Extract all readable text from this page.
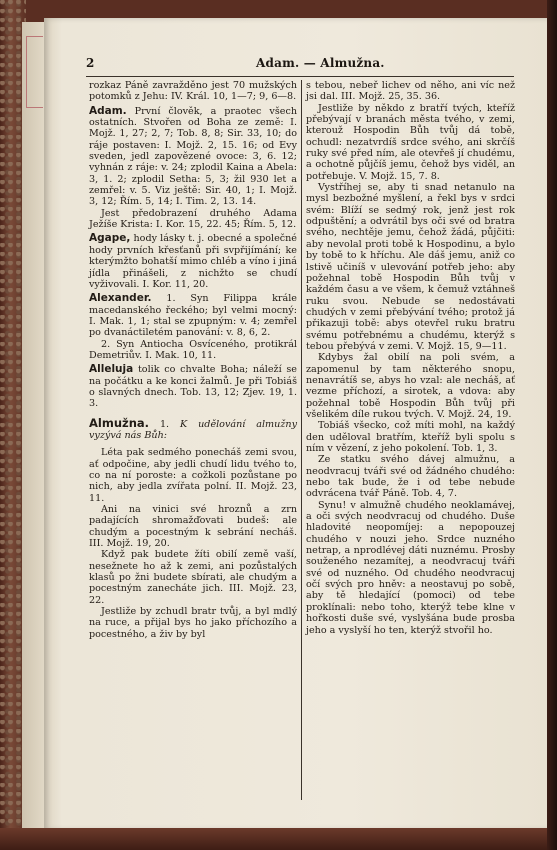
2	Adam. — Almužna.

rozkaz Páně zavražděno jest 70 mužských potomků z Jehu: IV. Král. 10, 1—7; 9, 6—8.

Adam. První člověk, a praotec všech ostatních. Stvořen od Boha ze země: I. Mojž. 1, 27; 2, 7; Tob. 8, 8; Sir. 33, 10; do ráje postaven: I. Mojž. 2, 15. 16; od Evy sveden, jedl zapovězené ovoce: 3, 6. 12; vyhnán z ráje: v. 24; zplodil Kaina a Abela: 3, 1. 2; zplodil Setha: 5, 3; žil 930 let a zemřel: v. 5. Viz ještě: Sir. 40, 1; I. Mojž. 3, 12; Řím. 5, 14; I. Tim. 2, 13. 14.

Jest předobrazení druhého Adama Ježíše Krista: I. Kor. 15, 22. 45; Řím. 5, 12.

Agape, hody lásky t. j. obecné a společné hody prvních křesťanů při svpřijímání; ke kterýmžto bohatší mimo chléb a víno i jiná jídla přinášeli, z nichžto se chudí vyživovali. I. Kor. 11, 20.

Alexander. 1. Syn Filippa krále macedanského řeckého; byl velmi mocný: I. Mak. 1, 1; stal se zpupným: v. 4; zemřel po dvanáctiletém panování: v. 8, 6, 2.

2. Syn Antiocha Osvíceného, protikrál Demetriův. I. Mak. 10, 11.

Alleluja tolik co chvalte Boha; náleží se na počátku a ke konci žalmů. Je při Tobiáš o slavných dnech. Tob. 13, 12; Zjev. 19, 1. 3.

Almužna. 1. K udělování almužny vyzývá nás Bůh:

Léta pak sedmého ponecháš zemi svou, ať odpočine, aby jedli chudí lidu tvého to, co na ní poroste: a cožkoli pozůstane po nich, aby jedla zvířata polní. II. Mojž. 23, 11.

Ani na vinici své hroznů a zrn padajících shromažďovati budeš: ale chudým a pocestným k sebrání necháš. III. Mojž. 19, 20.

Když pak budete žíti obilí země vaší, nesežnete ho až k zemi, ani pozůstalých klasů po žni budete sbírati, ale chudým a pocestným zanecháte jich. III. Mojž. 23, 22.

Jestliže by zchudl bratr tvůj, a byl mdlý na ruce, a přijal bys ho jako příchozího a pocestného, a živ by byl

s tebou, nebeř lichev od něho, ani víc než jsi dal. III. Mojž. 25, 35. 36.

Jestliže by někdo z bratří tvých, kteříž přebývají v branách města tvého, v zemi, kterouž Hospodin Bůh tvůj dá tobě, ochudl: nezatvrdíš srdce svého, ani skrčíš ruky své před ním, ale otevřeš jí chudému, a ochotně půjčíš jemu, čehož bys viděl, an potřebuje. V. Mojž. 15, 7. 8.

Vystříhej se, aby ti snad netanulo na mysl bezbožné myšlení, a řekl bys v srdci svém: Blíží se sedmý rok, jenž jest rok odpuštění; a odvrátil bys oči své od bratra svého, nechtěje jemu, čehož žádá, půjčiti: aby nevolal proti tobě k Hospodinu, a bylo by tobě to k hříchu. Ale dáš jemu, aniž co lstivě učiníš v ulevování potřeb jeho: aby požehnal tobě Hospodin Bůh tvůj v každém času a ve všem, k čemuž vztáhneš ruku svou. Nebude se nedostávati chudých v zemi přebývání tvého; protož já přikazuji tobě: abys otevřel ruku bratru svému potřebnému a chudému, kterýž s tebou přebývá v zemi. V. Mojž. 15, 9—11.

Kdybys žal obilí na poli svém, a zapomenul by tam některého snopu, nenavrátíš se, abys ho vzal: ale necháš, ať vezme příchozí, a sirotek, a vdova: aby požehnal tobě Hospodin Bůh tvůj při všelikém díle rukou tvých. V. Mojž. 24, 19.

Tobiáš všecko, což míti mohl, na každý den uděloval bratřím, kteříž byli spolu s ním v vězení, z jeho pokolení. Tob. 1, 3.

Ze statku svého dávej almužnu, a neodvracuj tváři své od žádného chudého: nebo tak bude, že i od tebe nebude odvrácena tvář Páně. Tob. 4, 7.

Synu! v almužně chudého neoklamávej, a oči svých neodvracuj od chudého. Duše hladovité neopomíjej: a nepopouzej chudého v nouzi jeho. Srdce nuzného netrap, a nprodlévej dáti nuznému. Prosby souženého nezamítej, a neodvracuj tváři své od nuzného. Od chudého neodvracuj očí svých pro hněv: a neostavuj po sobě, aby tě hledající (pomoci) od tebe proklínali: nebo toho, kterýž tebe klne v hořkosti duše své, vyslyšána bude prosba jeho a vyslyší ho ten, kterýž stvořil ho.
